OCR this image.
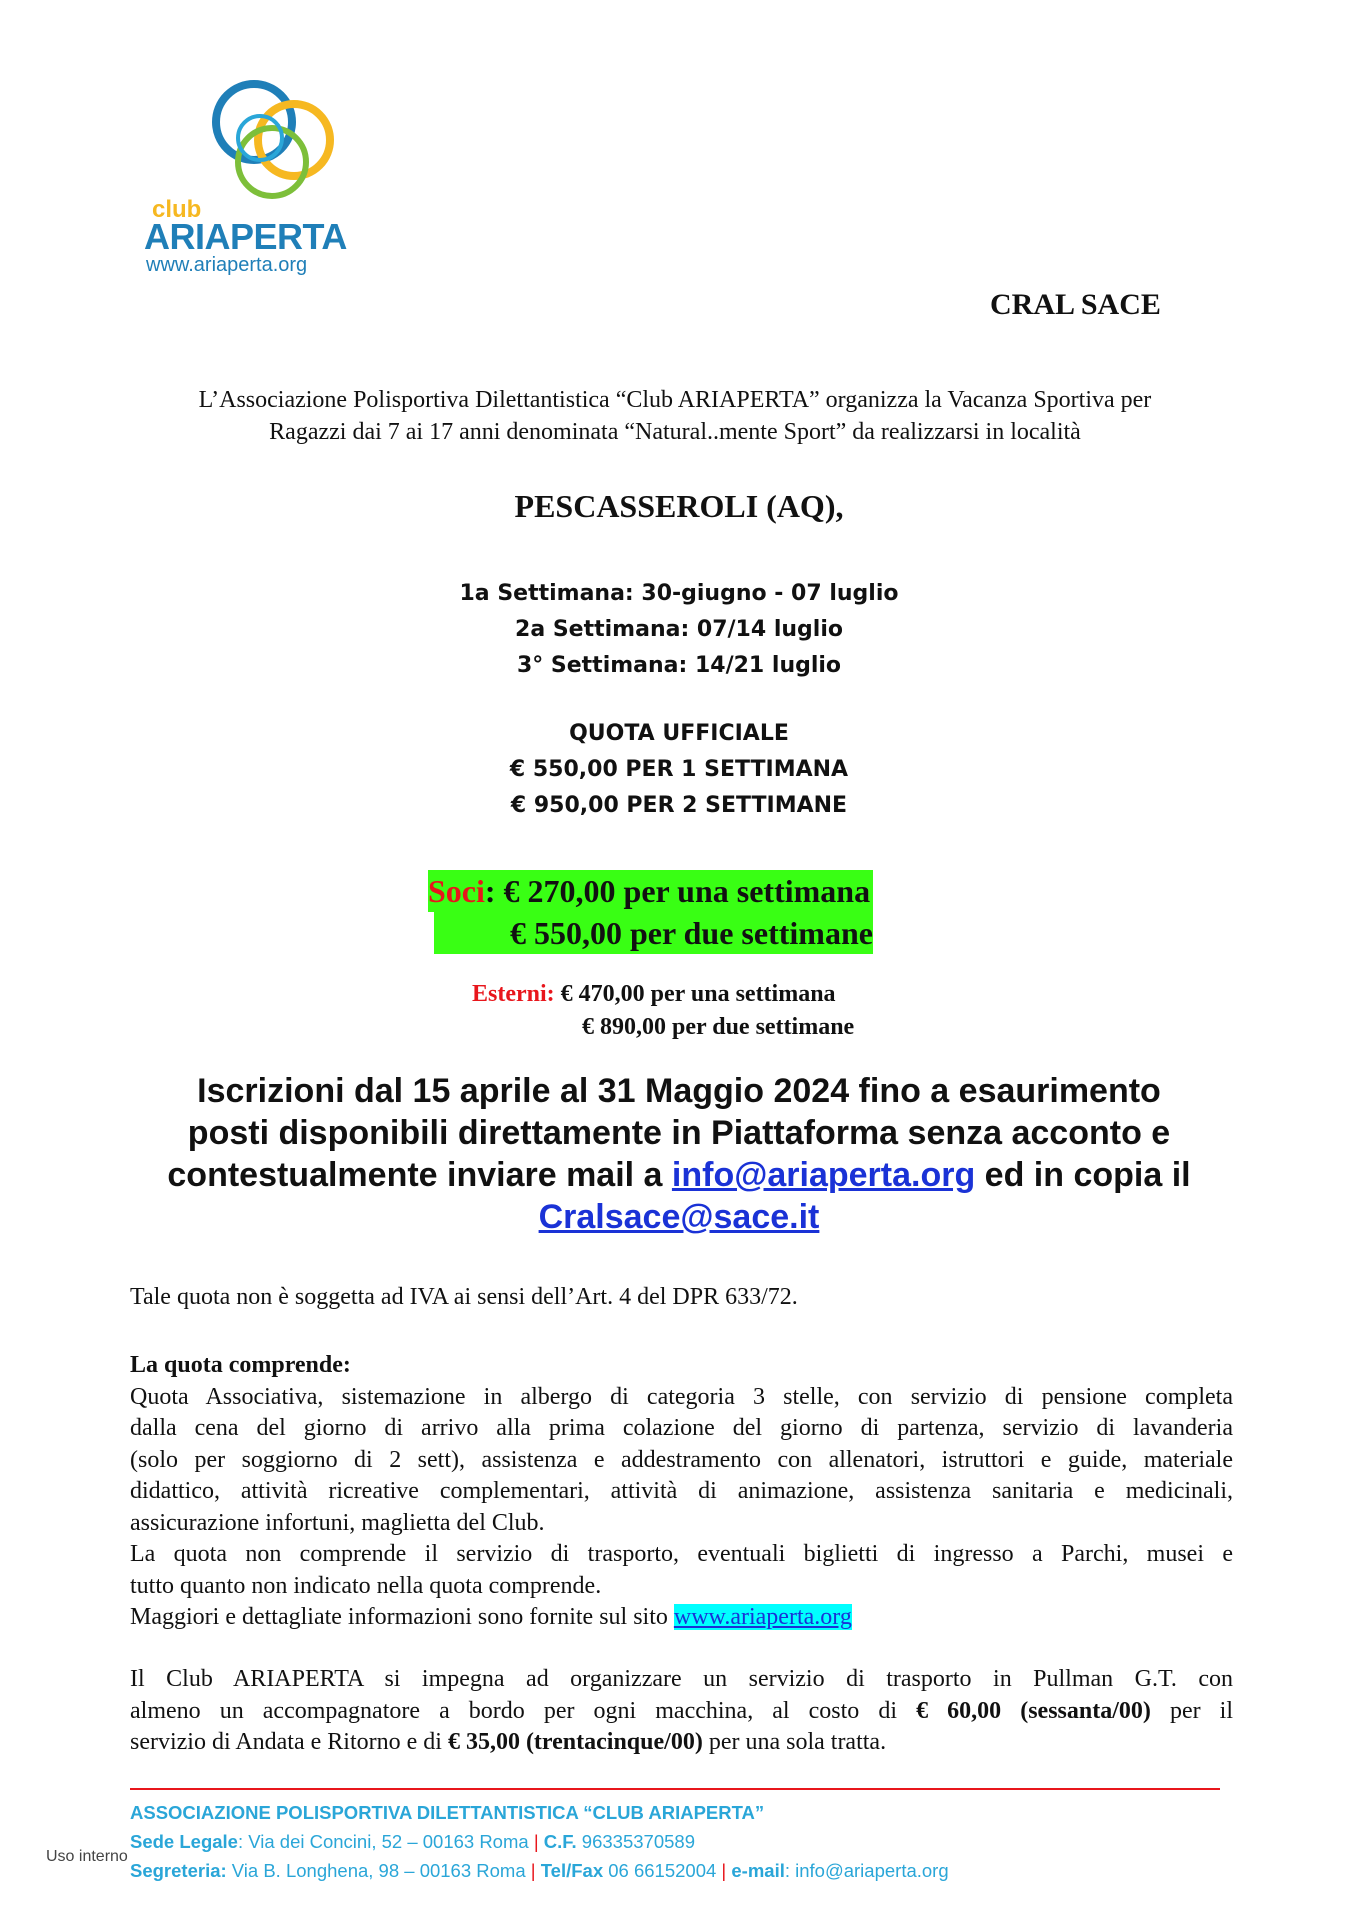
club
ARIAPERTA
www.ariaperta.org
CRAL SACE
L’Associazione Polisportiva Dilettantistica “Club ARIAPERTA” organizza la Vacanza Sportiva per
Ragazzi dai 7 ai 17 anni denominata “Natural..mente Sport” da realizzarsi in località
PESCASSEROLI (AQ),
1a Settimana: 30-giugno - 07 luglio
2a Settimana: 07/14 luglio
3° Settimana: 14/21 luglio
QUOTA UFFICIALE
€ 550,00 PER 1 SETTIMANA
€ 950,00 PER 2 SETTIMANE
Soci: € 270,00 per una settimana
€ 550,00 per due settimane
Esterni: € 470,00 per una settimana
€ 890,00 per due settimane
Iscrizioni dal 15 aprile al 31 Maggio 2024 fino a esaurimento
posti disponibili direttamente in Piattaforma senza acconto e
contestualmente inviare mail a info@ariaperta.org ed in copia il
Cralsace@sace.it
Tale quota non è soggetta ad IVA ai sensi dell’Art. 4 del DPR 633/72.
La quota comprende:
Quota Associativa, sistemazione in albergo di categoria 3 stelle, con servizio di pensione completa
dalla cena del giorno di arrivo alla prima colazione del giorno di partenza, servizio di lavanderia
(solo per soggiorno di 2 sett), assistenza e addestramento con allenatori, istruttori e guide, materiale
didattico, attività ricreative complementari, attività di animazione, assistenza sanitaria e medicinali,
assicurazione infortuni, maglietta del Club.
La quota non comprende il servizio di trasporto, eventuali biglietti di ingresso a Parchi, musei e
tutto quanto non indicato nella quota comprende.
Maggiori e dettagliate informazioni sono fornite sul sito www.ariaperta.org
Il Club ARIAPERTA si impegna ad organizzare un servizio di trasporto in Pullman G.T. con
almeno un accompagnatore a bordo per ogni macchina, al costo di € 60,00 (sessanta/00) per il
servizio di Andata e Ritorno e di € 35,00 (trentacinque/00) per una sola tratta.
ASSOCIAZIONE POLISPORTIVA DILETTANTISTICA “CLUB ARIAPERTA”
Sede Legale: Via dei Concini, 52 – 00163 Roma | C.F. 96335370589
Segreteria: Via B. Longhena, 98 – 00163 Roma | Tel/Fax 06 66152004 | e-mail: info@ariaperta.org
Uso interno
